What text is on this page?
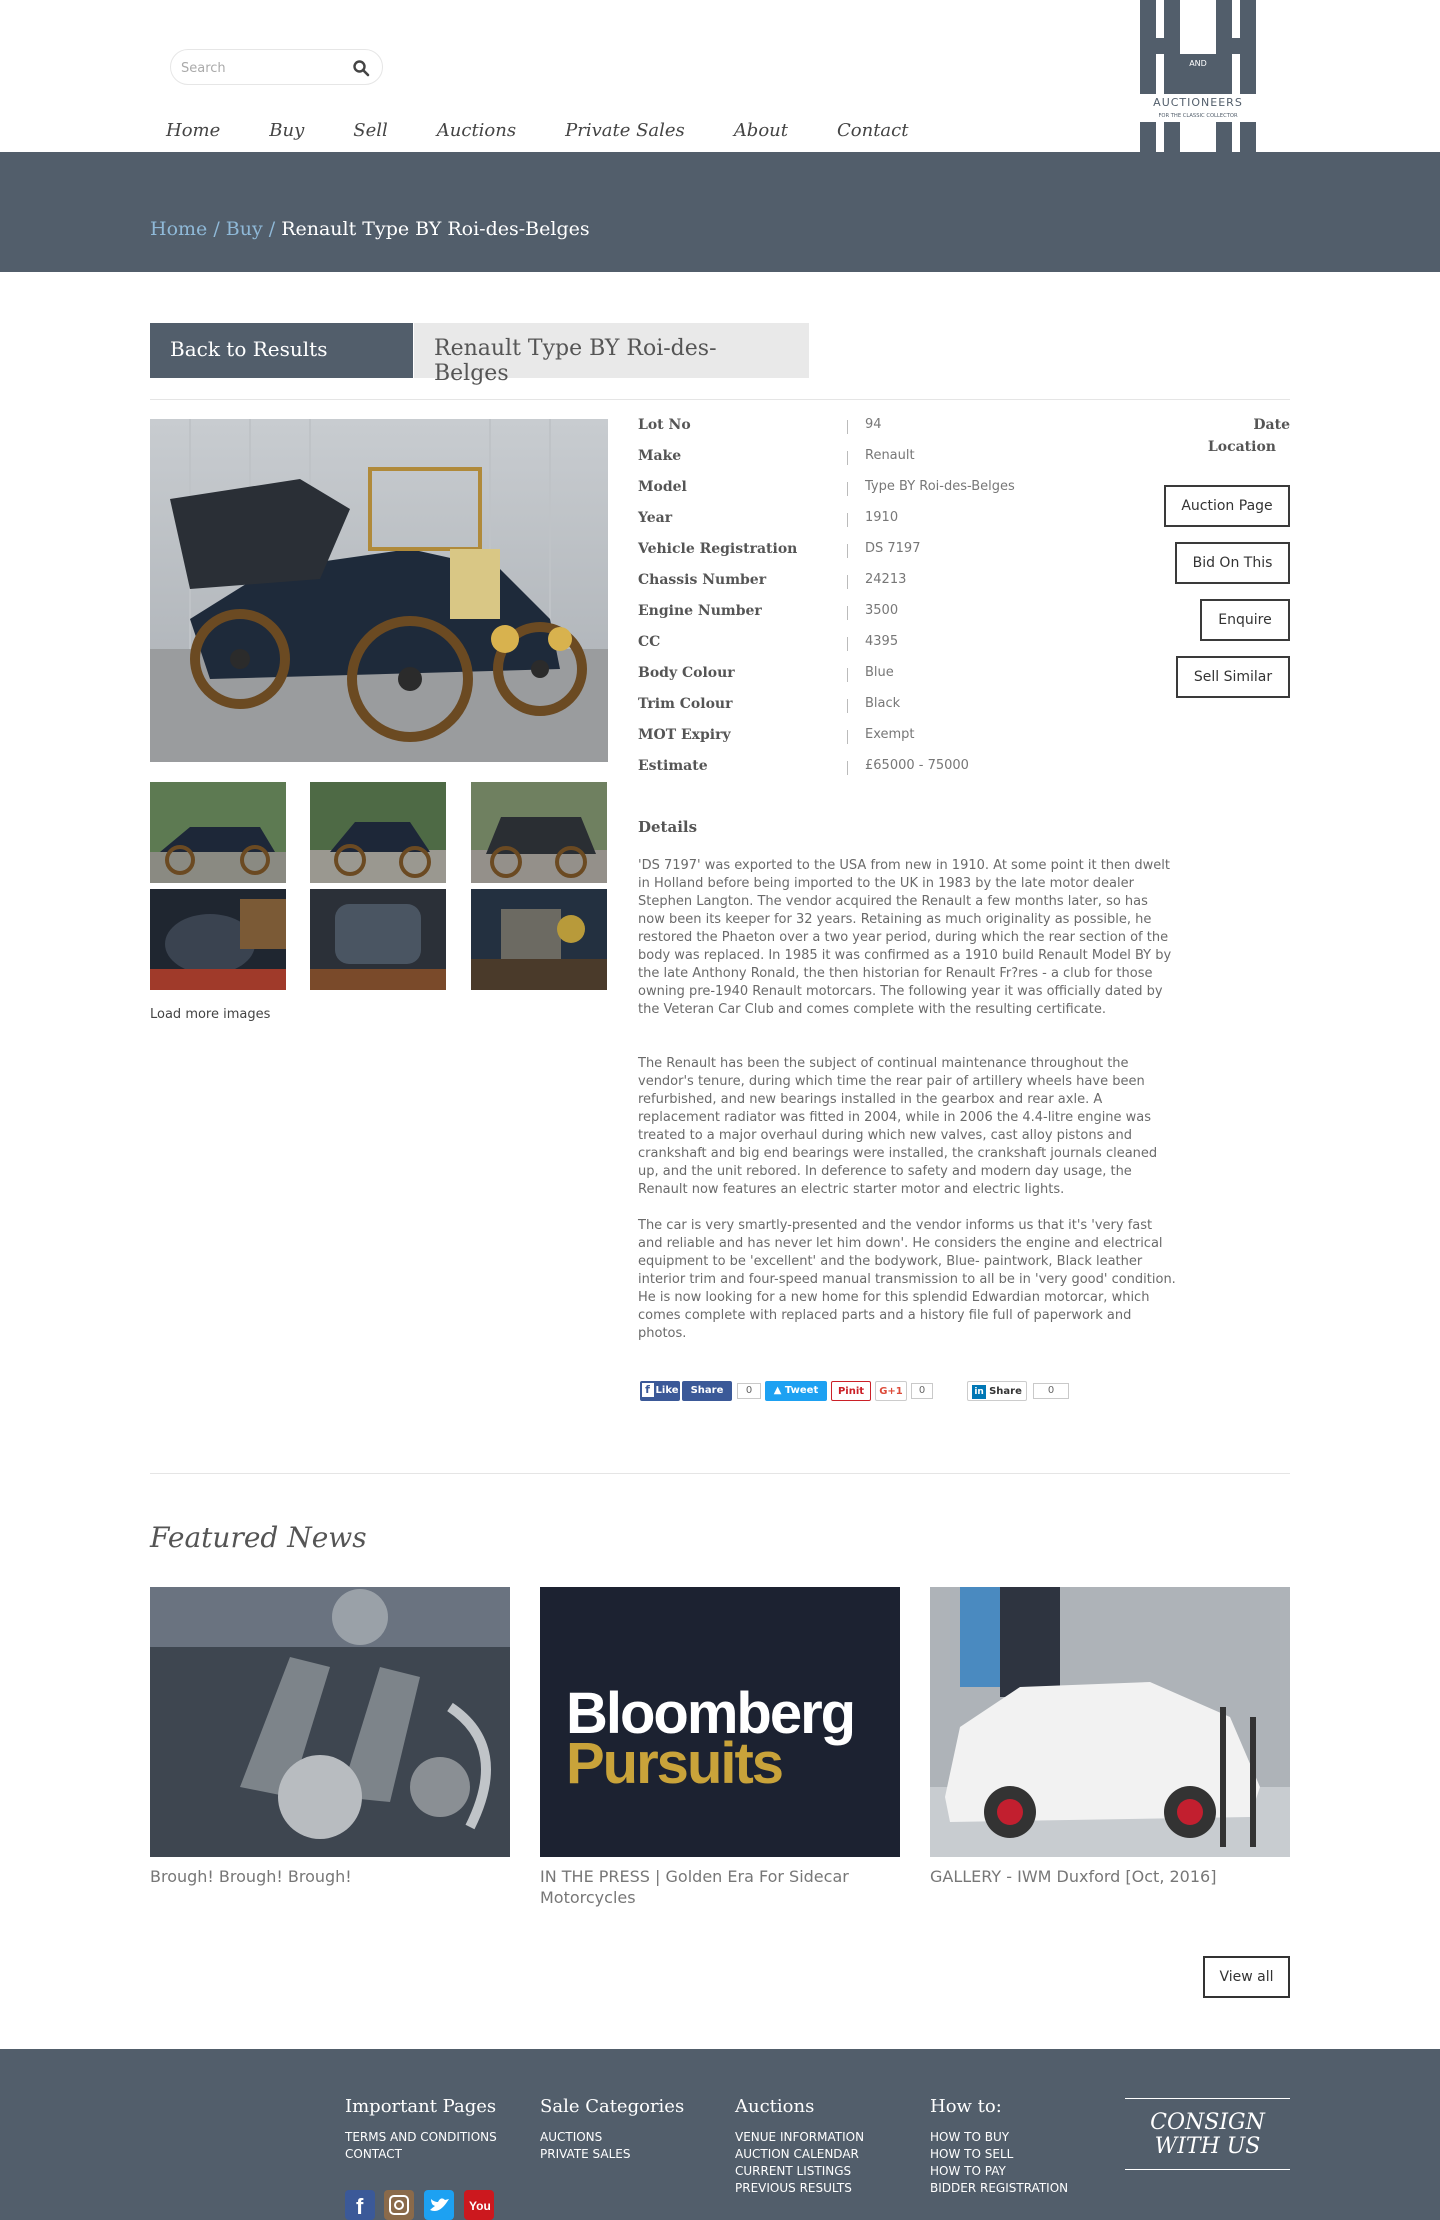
Search
Home	Buy	Sell	Auctions	Private Sales	About	Contact
AND
AUCTIONEERS
FOR THE CLASSIC COLLECTOR
Home / Buy / Renault Type BY Roi-des-Belges
Back to Results	Renault Type BY Roi-des-Belges
Load more images
Lot No	94
Make	Renault
Model	Type BY Roi-des-Belges
Year	1910
Vehicle Registration	DS 7197
Chassis Number	24213
Engine Number	3500
CC	4395
Body Colour	Blue
Trim Colour	Black
MOT Expiry	Exempt
Estimate	£65000 - 75000
Date
Location
Auction Page
Bid On This
Enquire
Sell Similar
Details
'DS 7197' was exported to the USA from new in 1910. At some point it then dwelt in Holland before being imported to the UK in 1983 by the late motor dealer Stephen Langton. The vendor acquired the Renault a few months later, so has now been its keeper for 32 years. Retaining as much originality as possible, he restored the Phaeton over a two year period, during which the rear section of the body was replaced. In 1985 it was confirmed as a 1910 build Renault Model BY by the late Anthony Ronald, the then historian for Renault Fr?res - a club for those owning pre-1940 Renault motorcars. The following year it was officially dated by the Veteran Car Club and comes complete with the resulting certificate.
The Renault has been the subject of continual maintenance throughout the vendor's tenure, during which time the rear pair of artillery wheels have been refurbished, and new bearings installed in the gearbox and rear axle. A replacement radiator was fitted in 2004, while in 2006 the 4.4-litre engine was treated to a major overhaul during which new valves, cast alloy pistons and crankshaft and big end bearings were installed, the crankshaft journals cleaned up, and the unit rebored. In deference to safety and modern day usage, the Renault now features an electric starter motor and electric lights.
The car is very smartly-presented and the vendor informs us that it's 'very fast and reliable and has never let him down'. He considers the engine and electrical equipment to be 'excellent' and the bodywork, Blue- paintwork, Black leather interior trim and four-speed manual transmission to all be in 'very good' condition. He is now looking for a new home for this splendid Edwardian motorcar, which comes complete with replaced parts and a history file full of paperwork and photos.
f Like	Share	0	▲ Tweet	Pinit	G+1	0	in Share	0
Featured News
Bloomberg
Pursuits
Brough! Brough! Brough!	IN THE PRESS | Golden Era For Sidecar Motorcycles
GALLERY - IWM Duxford [Oct, 2016]
View all
Important Pages
TERMS AND CONDITIONS
CONTACT
Sale Categories
AUCTIONS
PRIVATE SALES
Auctions
VENUE INFORMATION
AUCTION CALENDAR
CURRENT LISTINGS
PREVIOUS RESULTS
How to:
HOW TO BUY
HOW TO SELL
HOW TO PAY
BIDDER REGISTRATION
CONSIGN
WITH US
f	You
